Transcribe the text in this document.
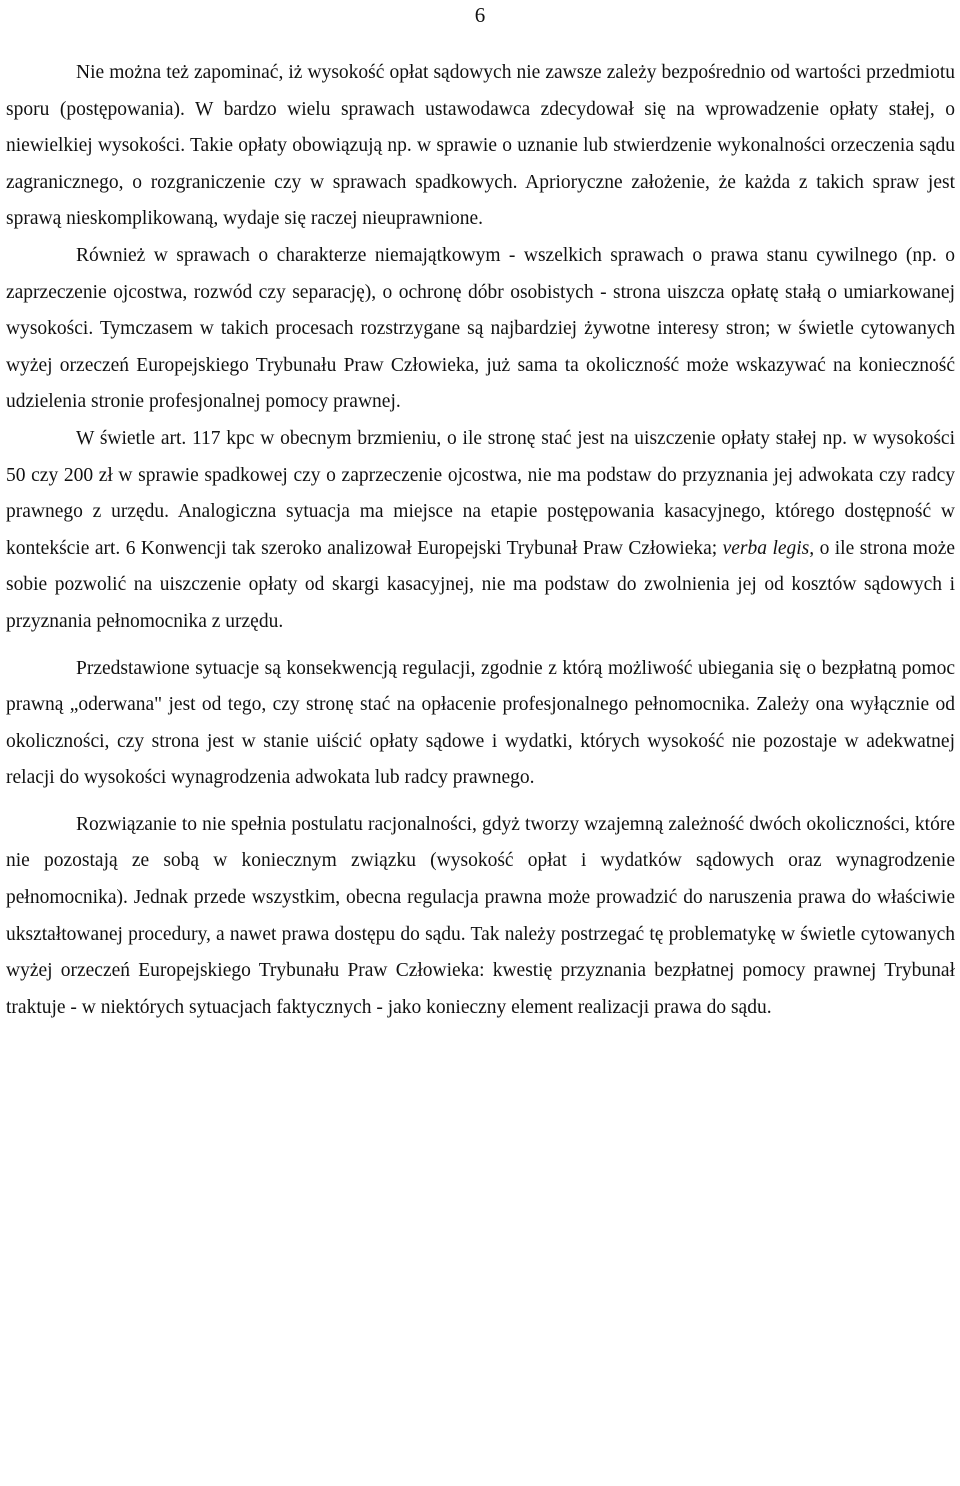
6

Nie można też zapominać, iż wysokość opłat sądowych nie zawsze zależy bezpośrednio od wartości przedmiotu sporu (postępowania). W bardzo wielu sprawach ustawodawca zdecydował się na wprowadzenie opłaty stałej, o niewielkiej wysokości. Takie opłaty obowiązują np. w sprawie o uznanie lub stwierdzenie wykonalności orzeczenia sądu zagranicznego, o rozgraniczenie czy w sprawach spadkowych. Aprioryczne założenie, że każda z takich spraw jest sprawą nieskomplikowaną, wydaje się raczej nieuprawnione.

Również w sprawach o charakterze niemajątkowym - wszelkich sprawach o prawa stanu cywilnego (np. o zaprzeczenie ojcostwa, rozwód czy separację), o ochronę dóbr osobistych - strona uiszcza opłatę stałą o umiarkowanej wysokości. Tymczasem w takich procesach rozstrzygane są najbardziej żywotne interesy stron; w świetle cytowanych wyżej orzeczeń Europejskiego Trybunału Praw Człowieka, już sama ta okoliczność może wskazywać na konieczność udzielenia stronie profesjonalnej pomocy prawnej.

W świetle art. 117 kpc w obecnym brzmieniu, o ile stronę stać jest na uiszczenie opłaty stałej np. w wysokości 50 czy 200 zł w sprawie spadkowej czy o zaprzeczenie ojcostwa, nie ma podstaw do przyznania jej adwokata czy radcy prawnego z urzędu. Analogiczna sytuacja ma miejsce na etapie postępowania kasacyjnego, którego dostępność w kontekście art. 6 Konwencji tak szeroko analizował Europejski Trybunał Praw Człowieka; verba legis, o ile strona może sobie pozwolić na uiszczenie opłaty od skargi kasacyjnej, nie ma podstaw do zwolnienia jej od kosztów sądowych i przyznania pełnomocnika z urzędu.

Przedstawione sytuacje są konsekwencją regulacji, zgodnie z którą możliwość ubiegania się o bezpłatną pomoc prawną „oderwana" jest od tego, czy stronę stać na opłacenie profesjonalnego pełnomocnika. Zależy ona wyłącznie od okoliczności, czy strona jest w stanie uiścić opłaty sądowe i wydatki, których wysokość nie pozostaje w adekwatnej relacji do wysokości wynagrodzenia adwokata lub radcy prawnego.

Rozwiązanie to nie spełnia postulatu racjonalności, gdyż tworzy wzajemną zależność dwóch okoliczności, które nie pozostają ze sobą w koniecznym związku (wysokość opłat i wydatków sądowych oraz wynagrodzenie pełnomocnika). Jednak przede wszystkim, obecna regulacja prawna może prowadzić do naruszenia prawa do właściwie ukształtowanej procedury, a nawet prawa dostępu do sądu. Tak należy postrzegać tę problematykę w świetle cytowanych wyżej orzeczeń Europejskiego Trybunału Praw Człowieka: kwestię przyznania bezpłatnej pomocy prawnej Trybunał traktuje - w niektórych sytuacjach faktycznych - jako konieczny element realizacji prawa do sądu.
